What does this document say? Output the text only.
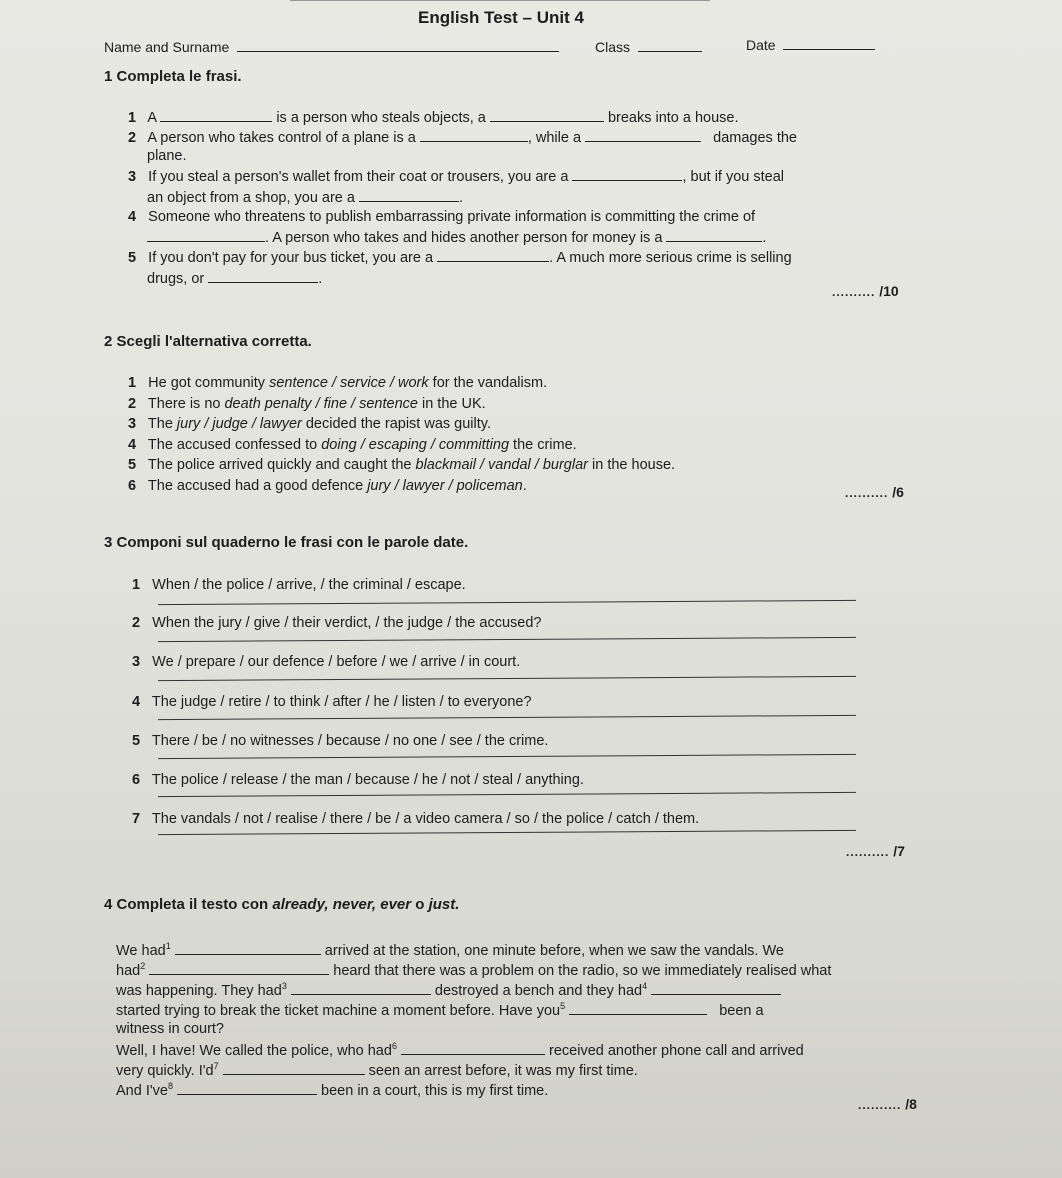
English Test – Unit 4
Name and Surname	Class	Date
1 Completa le frasi.
1 A	is a person who steals objects, a	breaks into a house.
2 A person who takes control of a plane is a	, while a	damages the
plane.
3 If you steal a person's wallet from their coat or trousers, you are a	, but if you steal
an object from a shop, you are a	.
4 Someone who threatens to publish embarrassing private information is committing the crime of
. A person who takes and hides another person for money is a	.
5 If you don't pay for your bus ticket, you are a	. A much more serious crime is selling
drugs, or	.
.......... /10
2 Scegli l'alternativa corretta.
.......... /6
3 Componi sul quaderno le frasi con le parole date.
.......... /7
4 Completa il testo con already, never, ever o just.
We had$^1$	arrived at the station, one minute before, when we saw the vandals. We
had$^2$	heard that there was a problem on the radio, so we immediately realised what
was happening. They had$^3$	destroyed a bench and they had$^4$
started trying to break the ticket machine a moment before. Have you$^5$	been a
witness in court?
Well, I have! We called the police, who had$^6$	received another phone call and arrived
very quickly. $I'd^7$	seen an arrest before, it was my first time.
And $I've^8$	been in a court, this is my first time.
.......... /8
1 He got community sentence / service / work for the vandalism.
2 There is no death penalty / fine / sentence in the UK.
3 The jury / judge / lawyer decided the rapist was guilty.
4 The accused confessed to doing / escaping / committing the crime.
5 The police arrived quickly and caught the blackmail / vandal / burglar in the house.
6 The accused had a good defence jury / lawyer / policeman.
1 When / the police / arrive, / the criminal / escape.
2 When the jury / give / their verdict, / the judge / the accused?
3 We / prepare / our defence / before / we / arrive / in court.
4 The judge / retire / to think / after / he / listen / to everyone?
5 There / be / no witnesses / because / no one / see / the crime.
6 The police / release / the man / because / he / not / steal / anything.
7 The vandals / not / realise / there / be / a video camera / so / the police / catch / them.
